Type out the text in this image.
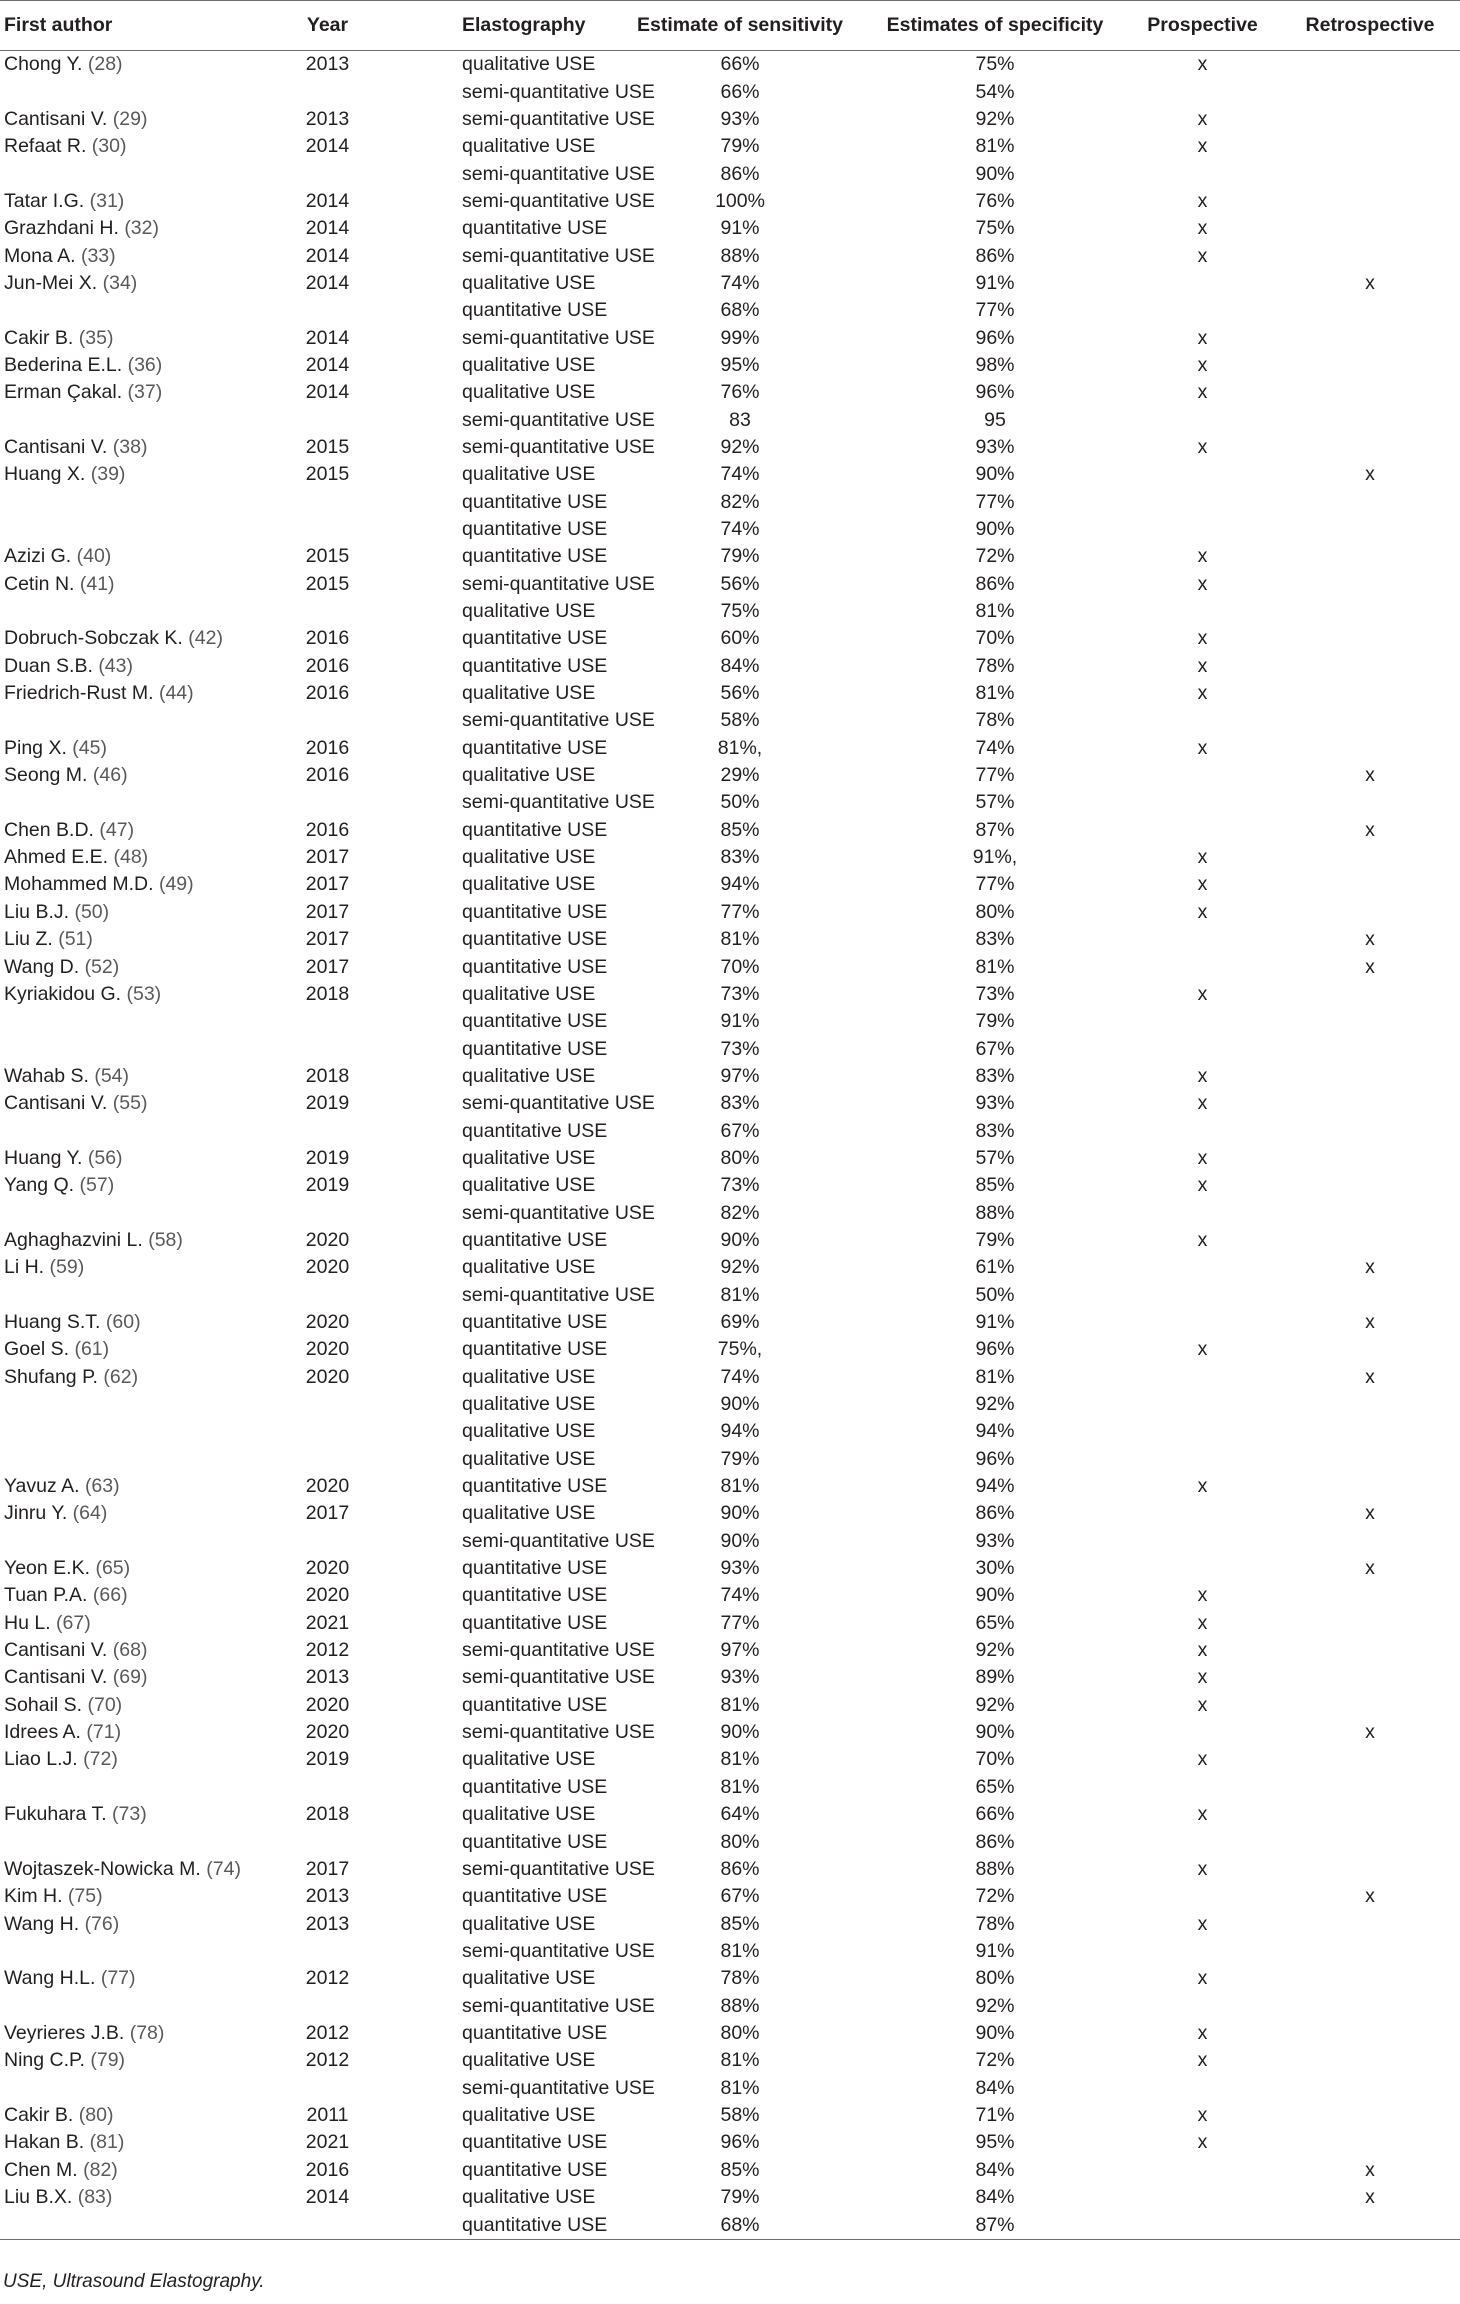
First author	Year	Elastography	Estimate of sensitivity	Estimates of specificity	Prospective	Retrospective
Chong Y. (28)	2013	qualitative USE	66%	75%	x	
		semi-quantitative USE	66%	54%		
Cantisani V. (29)	2013	semi-quantitative USE	93%	92%	x	
Refaat R. (30)	2014	qualitative USE	79%	81%	x	
		semi-quantitative USE	86%	90%		
Tatar I.G. (31)	2014	semi-quantitative USE	100%	76%	x	
Grazhdani H. (32)	2014	quantitative USE	91%	75%	x	
Mona A. (33)	2014	semi-quantitative USE	88%	86%	x	
Jun-Mei X. (34)	2014	qualitative USE	74%	91%		x
		quantitative USE	68%	77%		
Cakir B. (35)	2014	semi-quantitative USE	99%	96%	x	
Bederina E.L. (36)	2014	qualitative USE	95%	98%	x	
Erman Çakal. (37)	2014	qualitative USE	76%	96%	x	
		semi-quantitative USE	83	95		
Cantisani V. (38)	2015	semi-quantitative USE	92%	93%	x	
Huang X. (39)	2015	qualitative USE	74%	90%		x
		quantitative USE	82%	77%		
		quantitative USE	74%	90%		
Azizi G. (40)	2015	quantitative USE	79%	72%	x	
Cetin N. (41)	2015	semi-quantitative USE	56%	86%	x	
		qualitative USE	75%	81%		
Dobruch-Sobczak K. (42)	2016	quantitative USE	60%	70%	x	
Duan S.B. (43)	2016	quantitative USE	84%	78%	x	
Friedrich-Rust M. (44)	2016	qualitative USE	56%	81%	x	
		semi-quantitative USE	58%	78%		
Ping X. (45)	2016	quantitative USE	81%,	74%	x	
Seong M. (46)	2016	qualitative USE	29%	77%		x
		semi-quantitative USE	50%	57%		
Chen B.D. (47)	2016	quantitative USE	85%	87%		x
Ahmed E.E. (48)	2017	qualitative USE	83%	91%,	x	
Mohammed M.D. (49)	2017	qualitative USE	94%	77%	x	
Liu B.J. (50)	2017	quantitative USE	77%	80%	x	
Liu Z. (51)	2017	quantitative USE	81%	83%		x
Wang D. (52)	2017	quantitative USE	70%	81%		x
Kyriakidou G. (53)	2018	qualitative USE	73%	73%	x	
		quantitative USE	91%	79%		
		quantitative USE	73%	67%		
Wahab S. (54)	2018	qualitative USE	97%	83%	x	
Cantisani V. (55)	2019	semi-quantitative USE	83%	93%	x	
		quantitative USE	67%	83%		
Huang Y. (56)	2019	qualitative USE	80%	57%	x	
Yang Q. (57)	2019	qualitative USE	73%	85%	x	
		semi-quantitative USE	82%	88%		
Aghaghazvini L. (58)	2020	quantitative USE	90%	79%	x	
Li H. (59)	2020	qualitative USE	92%	61%		x
		semi-quantitative USE	81%	50%		
Huang S.T. (60)	2020	quantitative USE	69%	91%		x
Goel S. (61)	2020	quantitative USE	75%,	96%	x	
Shufang P. (62)	2020	qualitative USE	74%	81%		x
		qualitative USE	90%	92%		
		qualitative USE	94%	94%		
		qualitative USE	79%	96%		
Yavuz A. (63)	2020	quantitative USE	81%	94%	x	
Jinru Y. (64)	2017	qualitative USE	90%	86%		x
		semi-quantitative USE	90%	93%		
Yeon E.K. (65)	2020	quantitative USE	93%	30%		x
Tuan P.A. (66)	2020	quantitative USE	74%	90%	x	
Hu L. (67)	2021	quantitative USE	77%	65%	x	
Cantisani V. (68)	2012	semi-quantitative USE	97%	92%	x	
Cantisani V. (69)	2013	semi-quantitative USE	93%	89%	x	
Sohail S. (70)	2020	quantitative USE	81%	92%	x	
Idrees A. (71)	2020	semi-quantitative USE	90%	90%		x
Liao L.J. (72)	2019	qualitative USE	81%	70%	x	
		quantitative USE	81%	65%		
Fukuhara T. (73)	2018	qualitative USE	64%	66%	x	
		quantitative USE	80%	86%		
Wojtaszek-Nowicka M. (74)	2017	semi-quantitative USE	86%	88%	x	
Kim H. (75)	2013	quantitative USE	67%	72%		x
Wang H. (76)	2013	qualitative USE	85%	78%	x	
		semi-quantitative USE	81%	91%		
Wang H.L. (77)	2012	qualitative USE	78%	80%	x	
		semi-quantitative USE	88%	92%		
Veyrieres J.B. (78)	2012	quantitative USE	80%	90%	x	
Ning C.P. (79)	2012	qualitative USE	81%	72%	x	
		semi-quantitative USE	81%	84%		
Cakir B. (80)	2011	qualitative USE	58%	71%	x	
Hakan B. (81)	2021	quantitative USE	96%	95%	x	
Chen M. (82)	2016	quantitative USE	85%	84%		x
Liu B.X. (83)	2014	qualitative USE	79%	84%		x
		quantitative USE	68%	87%		
USE, Ultrasound Elastography.
